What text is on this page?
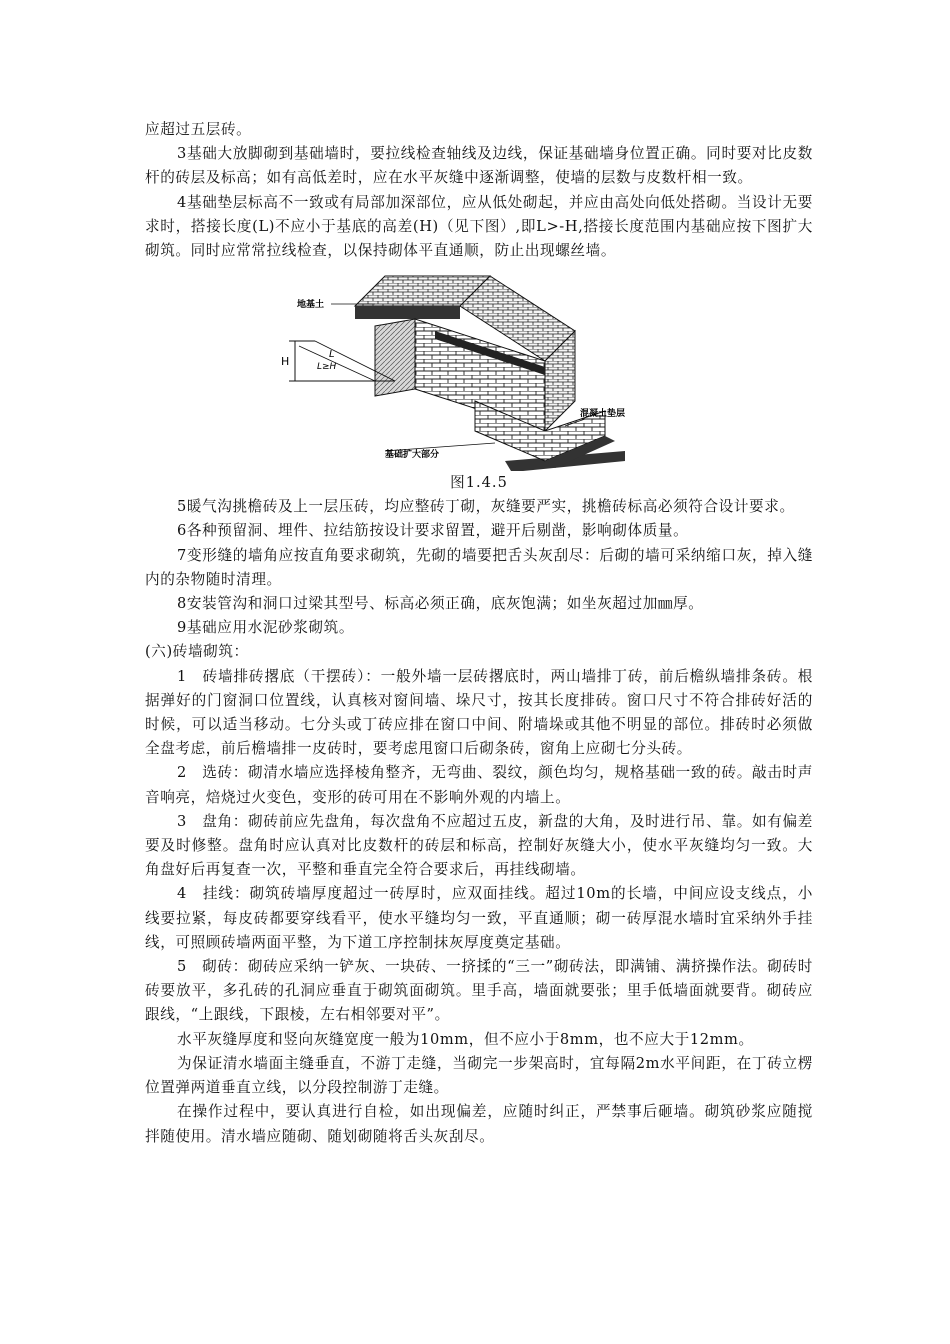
应超过五层砖。

3基础大放脚砌到基础墙时，要拉线检查轴线及边线，保证基础墙身位置正确。同时要对比皮数杆的砖层及标高；如有高低差时，应在水平灰缝中逐渐调整，使墙的层数与皮数杆相一致。

4基础垫层标高不一致或有局部加深部位，应从低处砌起，并应由高处向低处搭砌。当设计无要求时，搭接长度(L)不应小于基底的高差(H)（见下图）,即L>-H,搭接长度范围内基础应按下图扩大砌筑。同时应常常拉线检查，以保持砌体平直通顺，防止出现螺丝墙。

地基土
H
L
L≥H
混凝土垫层
基础扩大部分
图1.4.5

5暖气沟挑檐砖及上一层压砖，均应整砖丁砌，灰缝要严实，挑檐砖标高必须符合设计要求。

6各种预留洞、埋件、拉结筋按设计要求留置，避开后剔凿，影响砌体质量。

7变形缝的墙角应按直角要求砌筑，先砌的墙要把舌头灰刮尽：后砌的墙可采纳缩口灰，掉入缝内的杂物随时清理。

8安装管沟和洞口过梁其型号、标高必须正确，底灰饱满；如坐灰超过加㎜厚。

9基础应用水泥砂浆砌筑。

(六)砖墙砌筑：

1　砖墙排砖撂底（干摆砖）：一般外墙一层砖撂底时，两山墙排丁砖，前后檐纵墙排条砖。根据弹好的门窗洞口位置线，认真核对窗间墙、垛尺寸，按其长度排砖。窗口尺寸不符合排砖好活的时候，可以适当移动。七分头或丁砖应排在窗口中间、附墙垛或其他不明显的部位。排砖时必须做全盘考虑，前后檐墙排一皮砖时，要考虑甩窗口后砌条砖，窗角上应砌七分头砖。

2　选砖：砌清水墙应选择棱角整齐，无弯曲、裂纹，颜色均匀，规格基础一致的砖。敲击时声音响亮，焙烧过火变色，变形的砖可用在不影响外观的内墙上。

3　盘角：砌砖前应先盘角，每次盘角不应超过五皮，新盘的大角，及时进行吊、靠。如有偏差要及时修整。盘角时应认真对比皮数杆的砖层和标高，控制好灰缝大小，使水平灰缝均匀一致。大角盘好后再复查一次，平整和垂直完全符合要求后，再挂线砌墙。

4　挂线：砌筑砖墙厚度超过一砖厚时，应双面挂线。超过10m的长墙，中间应设支线点，小线要拉紧，每皮砖都要穿线看平，使水平缝均匀一致，平直通顺；砌一砖厚混水墙时宜采纳外手挂线，可照顾砖墙两面平整，为下道工序控制抹灰厚度奠定基础。

5　砌砖：砌砖应采纳一铲灰、一块砖、一挤揉的“三一”砌砖法，即满铺、满挤操作法。砌砖时砖要放平，多孔砖的孔洞应垂直于砌筑面砌筑。里手高，墙面就要张；里手低墙面就要背。砌砖应跟线，“上跟线，下跟棱，左右相邻要对平”。

水平灰缝厚度和竖向灰缝宽度一般为10mm，但不应小于8mm，也不应大于12mm。

为保证清水墙面主缝垂直，不游丁走缝，当砌完一步架高时，宜每隔2m水平间距，在丁砖立楞位置弹两道垂直立线，以分段控制游丁走缝。

在操作过程中，要认真进行自检，如出现偏差，应随时纠正，严禁事后砸墙。砌筑砂浆应随搅拌随使用。清水墙应随砌、随划砌随将舌头灰刮尽。
